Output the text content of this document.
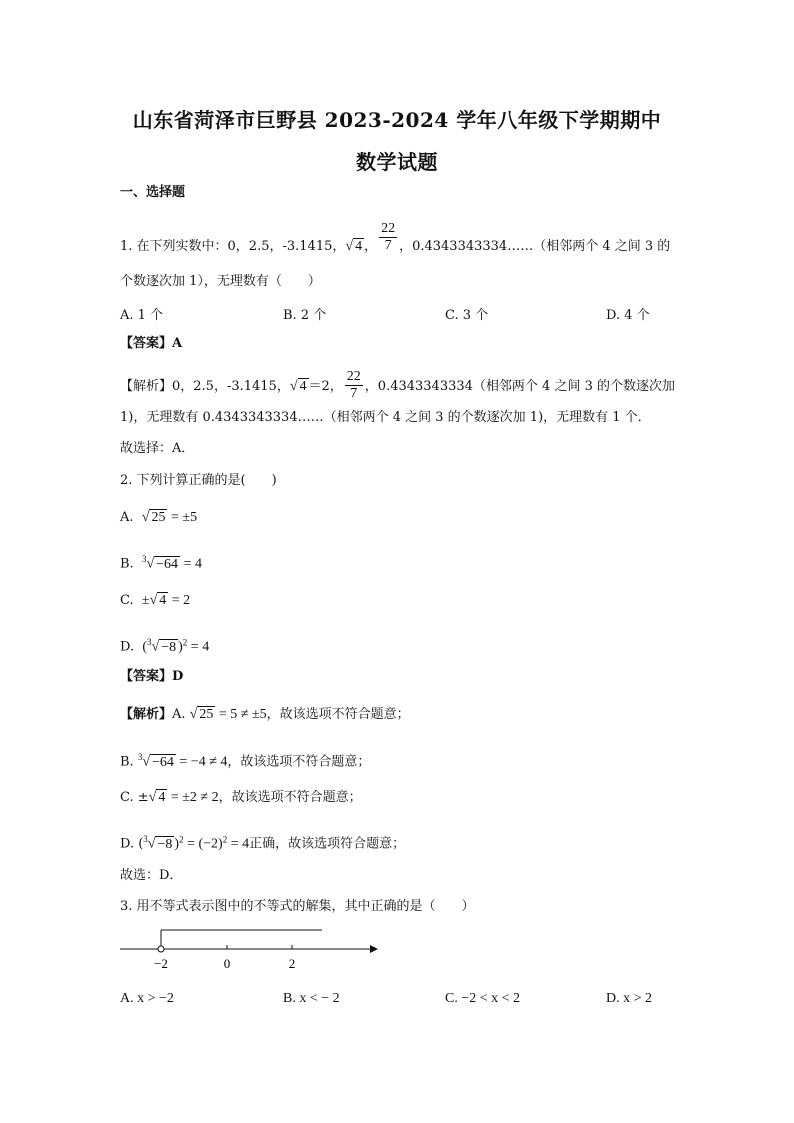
山东省菏泽市巨野县 2023-2024 学年八年级下学期期中
数学试题
一、选择题
1. 在下列实数中：0，2.5，-3.1415，√ 4 ， $\frac{22}{7}$ ，0.4343343334……（相邻两个 4 之间 3 的
个数逐次加 1），无理数有（　　）
A. 1 个	B. 2 个	C. 3 个	D. 4 个
【答案】A
【解析】0，2.5，-3.1415，√ 4 ＝2， $\frac{22}{7}$ ，0.4343343334（相邻两个 4 之间 3 的个数逐次加
1)，无理数有 0.4343343334……（相邻两个 4 之间 3 的个数逐次加 1)，无理数有 1 个．
故选择：A．
2. 下列计算正确的是(　　)
A. √ 25 = ±5
B. $^3$√ −64 = 4
C. ±√ 4 = 2
D. ($^3$√ −8 )$^2$ = 4
【答案】D
【解析】A. √ 25 = 5 ≠ ±5，故该选项不符合题意；
B. $^3$√ −64 = −4 ≠ 4，故该选项不符合题意；
C. ±√ 4 = ±2 ≠ 2，故该选项不符合题意；
D. ($^3$√ −8 )$^2 = (-2)^2 = 4$正确，故该选项符合题意；
故选：D．
3. 用不等式表示图中的不等式的解集，其中正确的是（　　）
−2	0	2
A. x > −2	B. x < − 2	C. −2 < x < 2	D. x > 2
